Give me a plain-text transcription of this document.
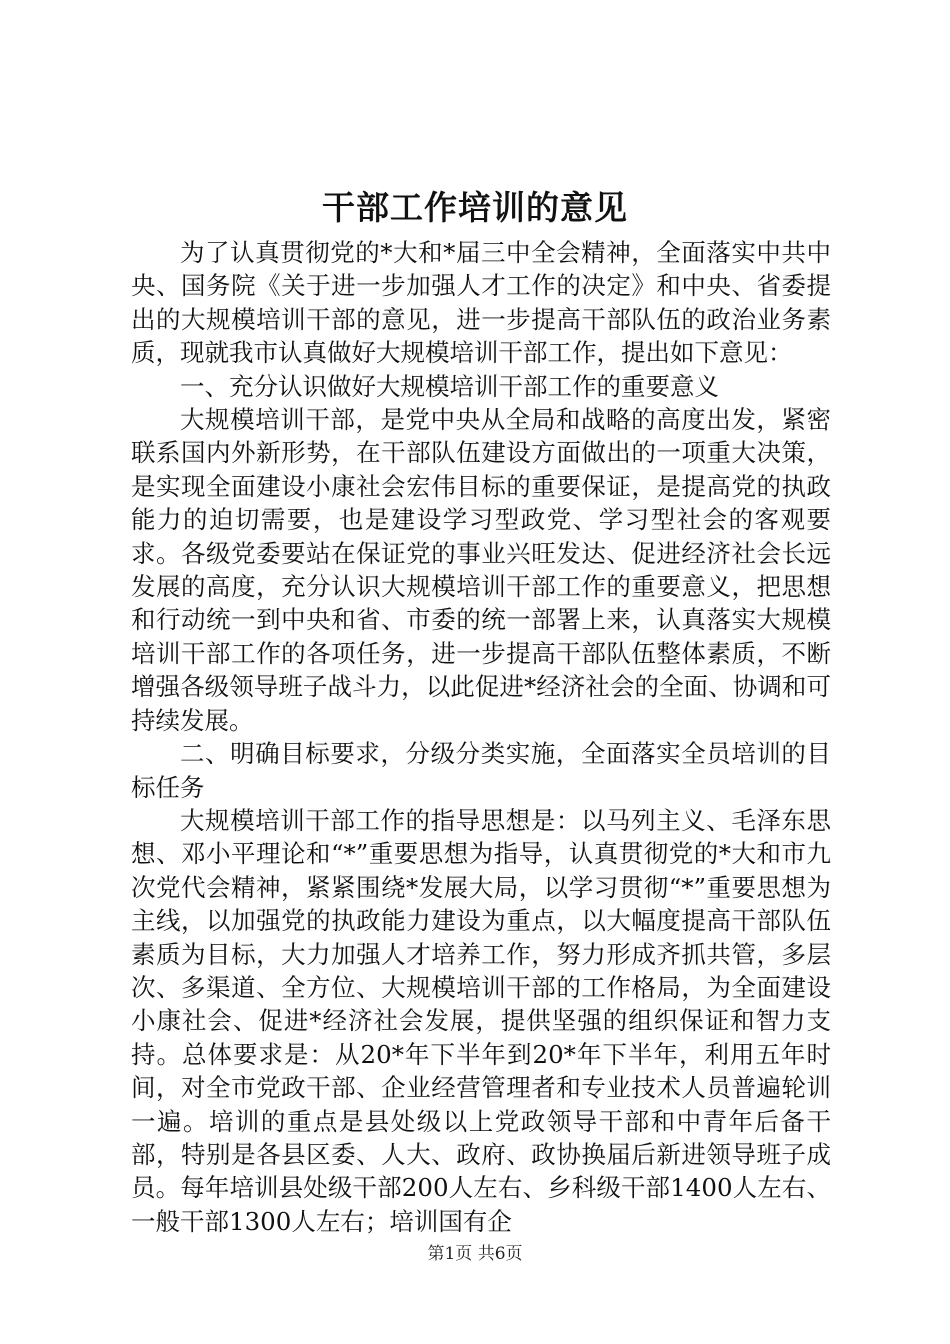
干部工作培训的意见

为了认真贯彻党的*大和*届三中全会精神，全面落实中共中央、国务院《关于进一步加强人才工作的决定》和中央、省委提出的大规模培训干部的意见，进一步提高干部队伍的政治业务素质，现就我市认真做好大规模培训干部工作，提出如下意见：

一、充分认识做好大规模培训干部工作的重要意义

大规模培训干部，是党中央从全局和战略的高度出发，紧密联系国内外新形势，在干部队伍建设方面做出的一项重大决策，是实现全面建设小康社会宏伟目标的重要保证，是提高党的执政能力的迫切需要，也是建设学习型政党、学习型社会的客观要求。各级党委要站在保证党的事业兴旺发达、促进经济社会长远发展的高度，充分认识大规模培训干部工作的重要意义，把思想和行动统一到中央和省、市委的统一部署上来，认真落实大规模培训干部工作的各项任务，进一步提高干部队伍整体素质，不断增强各级领导班子战斗力，以此促进*经济社会的全面、协调和可持续发展。

二、明确目标要求，分级分类实施，全面落实全员培训的目标任务

大规模培训干部工作的指导思想是：以马列主义、毛泽东思想、邓小平理论和“*”重要思想为指导，认真贯彻党的*大和市九次党代会精神，紧紧围绕*发展大局，以学习贯彻“*”重要思想为主线，以加强党的执政能力建设为重点，以大幅度提高干部队伍素质为目标，大力加强人才培养工作，努力形成齐抓共管，多层次、多渠道、全方位、大规模培训干部的工作格局，为全面建设小康社会、促进*经济社会发展，提供坚强的组织保证和智力支持。总体要求是：从20*年下半年到20*年下半年，利用五年时间，对全市党政干部、企业经营管理者和专业技术人员普遍轮训一遍。培训的重点是县处级以上党政领导干部和中青年后备干部，特别是各县区委、人大、政府、政协换届后新进领导班子成员。每年培训县处级干部200人左右、乡科级干部1400人左右、一般干部1300人左右；培训国有企

第1页 共6页
